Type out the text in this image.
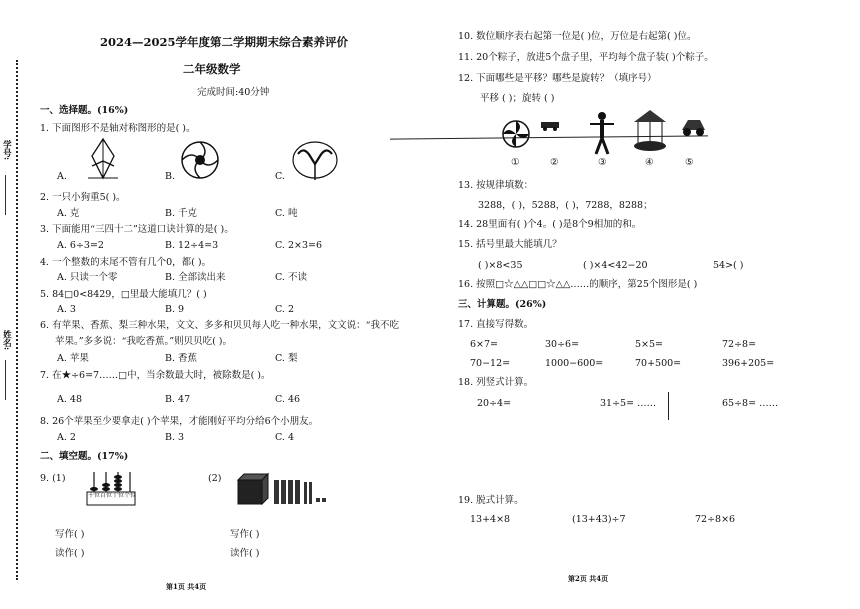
学号:
姓名:
2024—2025学年度第二学期期末综合素养评价
二年级数学
完成时间:40分钟
一、选择题。(16%)
1. 下面图形不是轴对称图形的是( )。
A.	B.	C.
2. 一只小狗重5( )。
A. 克	B. 千克	C. 吨
3. 下面能用“三四十二”这道口诀计算的是( )。
A. 6÷3=2	B. 12÷4=3	C. 2×3=6
4. 一个整数的末尾不管有几个0，都( )。
A. 只读一个零	B. 全部读出来	C. 不读
5. 84□0<8429，□里最大能填几？( )
A. 3	B. 9	C. 2
6. 有苹果、香蕉、梨三种水果，文文、多多和贝贝每人吃一种水果，文文说：“我不吃
苹果。”多多说：“我吃香蕉。”则贝贝吃( )。
A. 苹果	B. 香蕉	C. 梨
7. 在★÷6=7……□中，当余数最大时，被除数是( )。
A. 48	B. 47	C. 46
8. 26个苹果至少要拿走( )个苹果，才能刚好平均分给6个小朋友。
A. 2	B. 3	C. 4
二、填空题。(17%)
9. (1)
千位 百位 十位 个位
(2)
写作( )
读作( )
写作( )
读作( )
第1页 共4页
10. 数位顺序表右起第一位是( )位，万位是右起第( )位。
11. 20个粽子，放进5个盘子里，平均每个盘子装( )个粽子。
12. 下面哪些是平移？哪些是旋转？（填序号）
平移 ( )；旋转 ( )
①	②	③	④	⑤
13. 按规律填数：
3288，( )，5288，( )，7288，8288；
14. 28里面有( )个4。( )是8个9相加的和。
15. 括号里最大能填几？
( )×8<35	( )×4<42−20	54>( )
16. 按照□☆△△□□☆△△……的顺序，第25个图形是( )
三、计算题。(26%)
17. 直接写得数。
6×7=	30÷6=	5×5=	72÷8=
70−12=	1000−600=	70+500=	396+205=
18. 列竖式计算。
20÷4=	31÷5= ……	65÷8= ……
19. 脱式计算。
13+4×8	(13+43)÷7	72÷8×6
第2页 共4页
